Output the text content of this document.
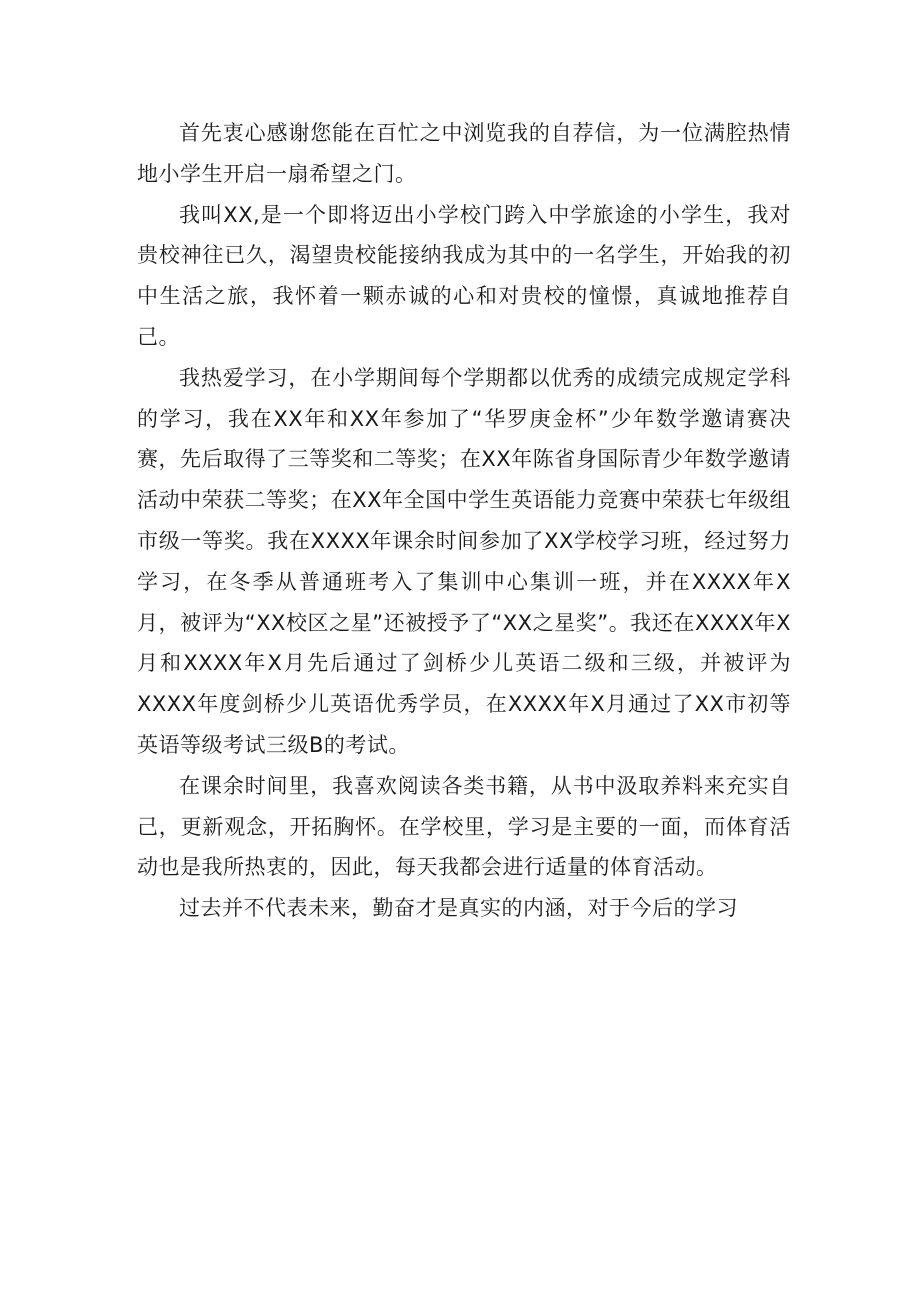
首先衷心感谢您能在百忙之中浏览我的自荐信，为一位满腔热情地小学生开启一扇希望之门。

我叫XX,是一个即将迈出小学校门跨入中学旅途的小学生，我对贵校神往已久，渴望贵校能接纳我成为其中的一名学生，开始我的初中生活之旅，我怀着一颗赤诚的心和对贵校的憧憬，真诚地推荐自己。

我热爱学习，在小学期间每个学期都以优秀的成绩完成规定学科的学习，我在XX年和XX年参加了“华罗庚金杯”少年数学邀请赛决赛，先后取得了三等奖和二等奖；在XX年陈省身国际青少年数学邀请活动中荣获二等奖；在XX年全国中学生英语能力竞赛中荣获七年级组市级一等奖。我在XXXX年课余时间参加了XX学校学习班，经过努力学习，在冬季从普通班考入了集训中心集训一班，并在XXXX年X月，被评为“XX校区之星”还被授予了“XX之星奖”。我还在XXXX年X月和XXXX年X月先后通过了剑桥少儿英语二级和三级，并被评为XXXX年度剑桥少儿英语优秀学员，在XXXX年X月通过了XX市初等英语等级考试三级B的考试。

在课余时间里，我喜欢阅读各类书籍，从书中汲取养料来充实自己，更新观念，开拓胸怀。在学校里，学习是主要的一面，而体育活动也是我所热衷的，因此，每天我都会进行适量的体育活动。

过去并不代表未来，勤奋才是真实的内涵，对于今后的学习
